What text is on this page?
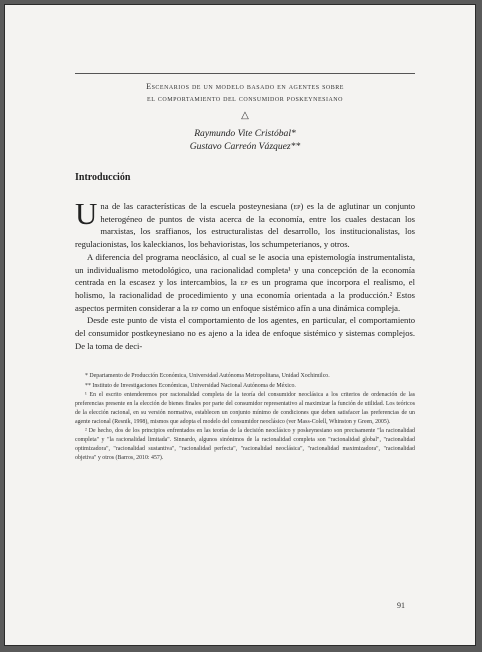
Escenarios de un modelo basado en agentes sobre
el comportamiento del consumidor poskeynesiano
△
Raymundo Vite Cristóbal*
Gustavo Carreón Vázquez**
Introducción

Una de las características de la escuela posteynesiana (ep) es la de aglutinar un conjunto heterogéneo de puntos de vista acerca de la economía, entre los cuales destacan los marxistas, los sraffianos, los estructuralistas del desarrollo, los institucionalistas, los regulacionistas, los kaleckianos, los behavioristas, los schumpeterianos, y otros.

A diferencia del programa neoclásico, al cual se le asocia una epistemología instrumentalista, un individualismo metodológico, una racionalidad completa¹ y una concepción de la economía centrada en la escasez y los intercambios, la ep es un programa que incorpora el realismo, el holismo, la racionalidad de procedimiento y una economía orientada a la producción.² Estos aspectos permiten considerar a la ep como un enfoque sistémico afín a una dinámica compleja.

Desde este punto de vista el comportamiento de los agentes, en particular, el comportamiento del consumidor postkeynesiano no es ajeno a la idea de enfoque sistémico y sistemas complejos. De la toma de deci-

* Departamento de Producción Económica, Universidad Autónoma Metropolitana, Unidad Xochimilco.

** Instituto de Investigaciones Económicas, Universidad Nacional Autónoma de México.

¹ En el escrito entenderemos por racionalidad completa de la teoría del consumidor neoclásica a los criterios de ordenación de las preferencias presente en la elección de bienes finales por parte del consumidor representativo al maximizar la función de utilidad. Los teóricos de la elección racional, en su versión normativa, establecen un conjunto mínimo de condiciones que deben satisfacer las preferencias de un agente racional (Resnik, 1998), mismos que adopta el modelo del consumidor neoclásico (ver Mass-Colell, Whinston y Green, 2005).

² De hecho, dos de los principios enfrentados en las teorías de la decisión neoclásico y poskeynesiano son precisamente "la racionalidad completa" y "la racionalidad limitada". Sinnardo, algunos sinónimos de la racionalidad completa son "racionalidad global", "racionalidad optimizadora", "racionalidad sustantiva", "racionalidad perfecta", "racionalidad neoclásica", "racionalidad maximizadora", "racionalidad objetiva" y otros (Barros, 2010: 457).

91
